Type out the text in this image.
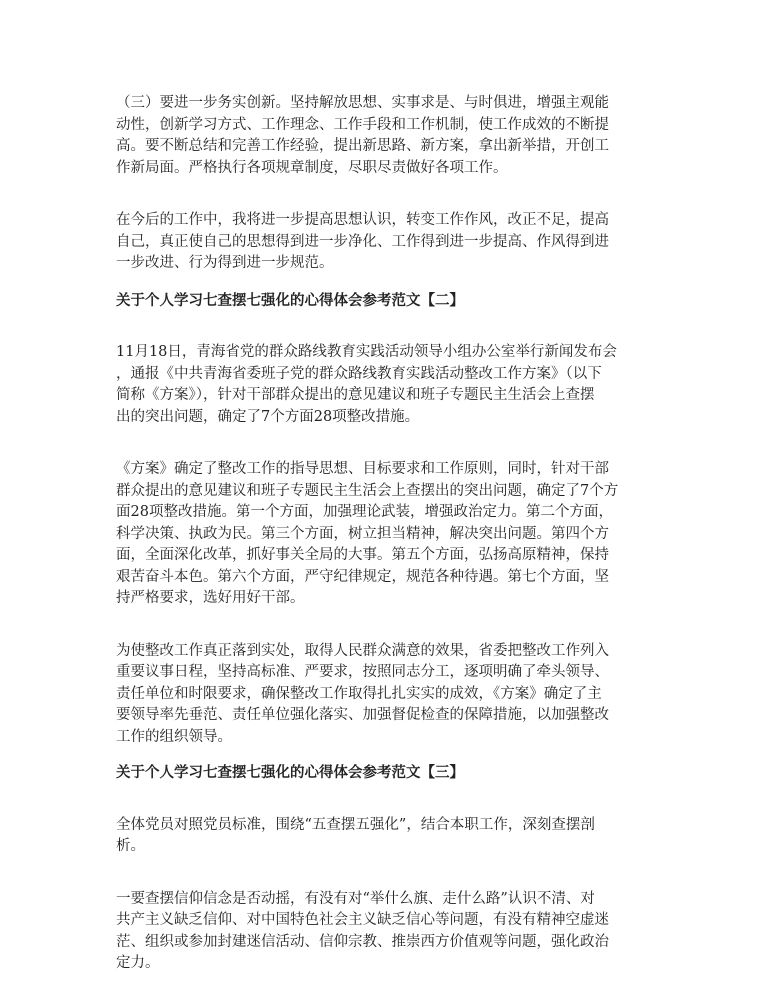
（三）要进一步务实创新。坚持解放思想、实事求是、与时俱进，增强主观能
动性，创新学习方式、工作理念、工作手段和工作机制，使工作成效的不断提
高。要不断总结和完善工作经验，提出新思路、新方案，拿出新举措，开创工
作新局面。严格执行各项规章制度，尽职尽责做好各项工作。

在今后的工作中，我将进一步提高思想认识，转变工作作风，改正不足，提高
自己，真正使自己的思想得到进一步净化、工作得到进一步提高、作风得到进
一步改进、行为得到进一步规范。

关于个人学习七查摆七强化的心得体会参考范文【二】

11月18日，青海省党的群众路线教育实践活动领导小组办公室举行新闻发布会
，通报《中共青海省委班子党的群众路线教育实践活动整改工作方案》（以下
简称《方案》），针对干部群众提出的意见建议和班子专题民主生活会上查摆
出的突出问题，确定了7个方面28项整改措施。

《方案》确定了整改工作的指导思想、目标要求和工作原则，同时，针对干部
群众提出的意见建议和班子专题民主生活会上查摆出的突出问题，确定了7个方
面28项整改措施。第一个方面，加强理论武装，增强政治定力。第二个方面，
科学决策、执政为民。第三个方面，树立担当精神，解决突出问题。第四个方
面，全面深化改革，抓好事关全局的大事。第五个方面，弘扬高原精神，保持
艰苦奋斗本色。第六个方面，严守纪律规定，规范各种待遇。第七个方面，坚
持严格要求，选好用好干部。

为使整改工作真正落到实处，取得人民群众满意的效果，省委把整改工作列入
重要议事日程，坚持高标准、严要求，按照同志分工，逐项明确了牵头领导、
责任单位和时限要求，确保整改工作取得扎扎实实的成效，《方案》确定了主
要领导率先垂范、责任单位强化落实、加强督促检查的保障措施，以加强整改
工作的组织领导。

关于个人学习七查摆七强化的心得体会参考范文【三】

全体党员对照党员标准，围绕“五查摆五强化”，结合本职工作，深刻查摆剖
析。

一要查摆信仰信念是否动摇，有没有对“举什么旗、走什么路”认识不清、对
共产主义缺乏信仰、对中国特色社会主义缺乏信心等问题，有没有精神空虚迷
茫、组织或参加封建迷信活动、信仰宗教、推崇西方价值观等问题，强化政治
定力。
